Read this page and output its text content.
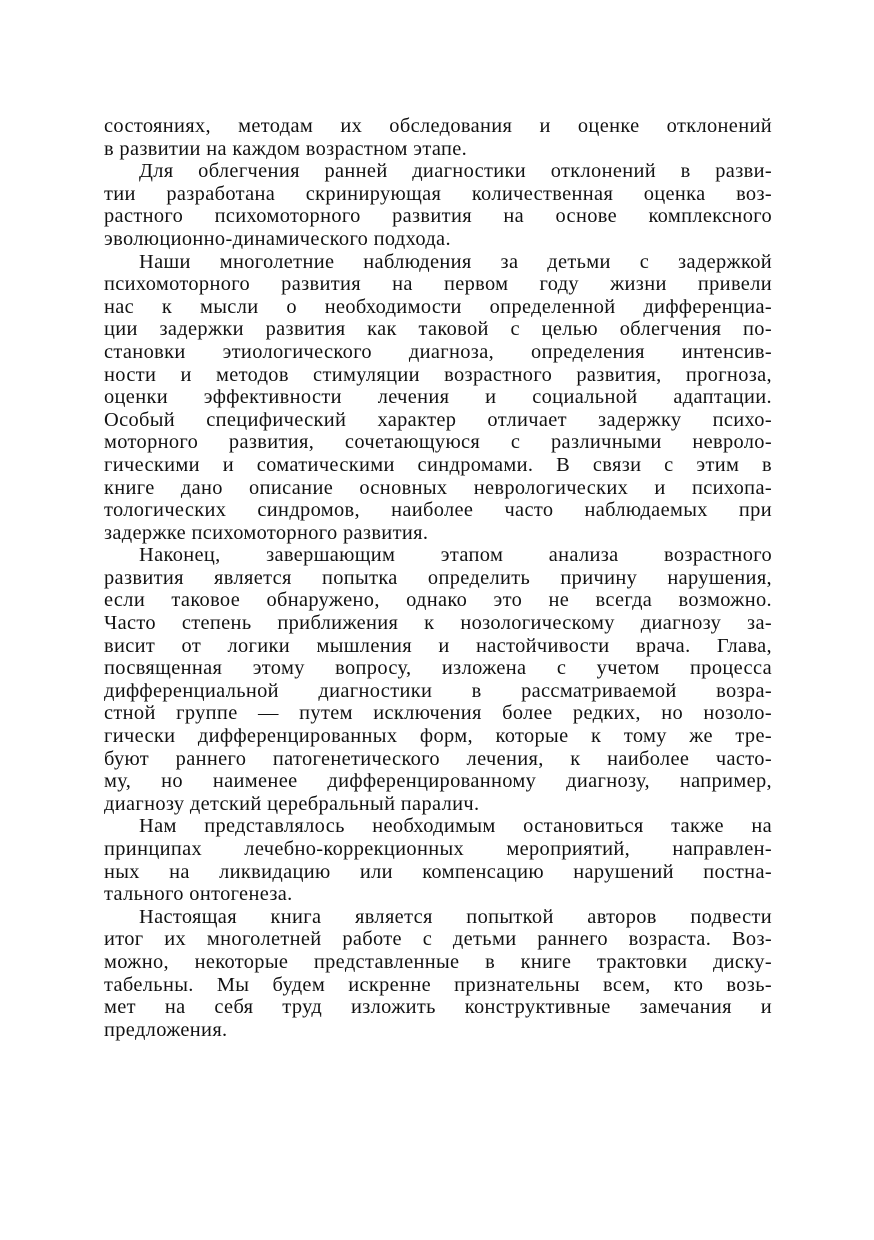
состояниях, методам их обследования и оценке отклонений
в развитии на каждом возрастном этапе.
Для облегчения ранней диагностики отклонений в разви-
тии разработана скринирующая количественная оценка воз-
растного психомоторного развития на основе комплексного
эволюционно-динамического подхода.
Наши многолетние наблюдения за детьми с задержкой
психомоторного развития на первом году жизни привели
нас к мысли о необходимости определенной дифференциа-
ции задержки развития как таковой с целью облегчения по-
становки этиологического диагноза, определения интенсив-
ности и методов стимуляции возрастного развития, прогноза,
оценки эффективности лечения и социальной адаптации.
Особый специфический характер отличает задержку психо-
моторного развития, сочетающуюся с различными невроло-
гическими и соматическими синдромами. В связи с этим в
книге дано описание основных неврологических и психопа-
тологических синдромов, наиболее часто наблюдаемых при
задержке психомоторного развития.
Наконец, завершающим этапом анализа возрастного
развития является попытка определить причину нарушения,
если таковое обнаружено, однако это не всегда возможно.
Часто степень приближения к нозологическому диагнозу за-
висит от логики мышления и настойчивости врача. Глава,
посвященная этому вопросу, изложена с учетом процесса
дифференциальной диагностики в рассматриваемой возра-
стной группе — путем исключения более редких, но нозоло-
гически дифференцированных форм, которые к тому же тре-
буют раннего патогенетического лечения, к наиболее часто-
му, но наименее дифференцированному диагнозу, например,
диагнозу детский церебральный паралич.
Нам представлялось необходимым остановиться также на
принципах лечебно-коррекционных мероприятий, направлен-
ных на ликвидацию или компенсацию нарушений постна-
тального онтогенеза.
Настоящая книга является попыткой авторов подвести
итог их многолетней работе с детьми раннего возраста. Воз-
можно, некоторые представленные в книге трактовки диску-
табельны. Мы будем искренне признательны всем, кто возь-
мет на себя труд изложить конструктивные замечания и
предложения.
